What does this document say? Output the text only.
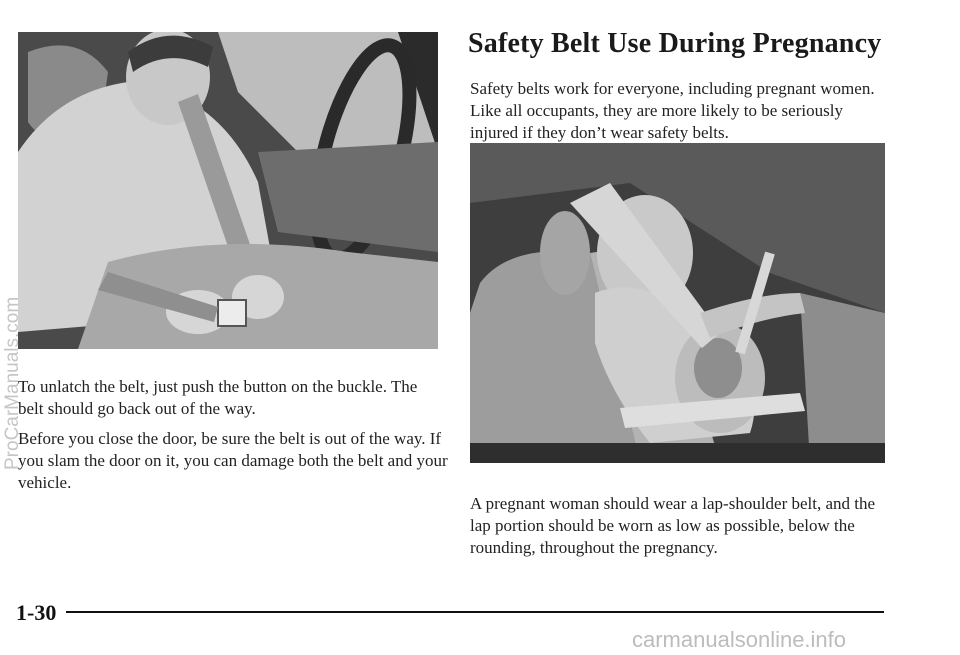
To unlatch the belt, just push the button on the buckle. The belt should go back out of the way.

Before you close the door, be sure the belt is out of the way. If you slam the door on it, you can damage both the belt and your vehicle.

Safety Belt Use During Pregnancy

Safety belts work for everyone, including pregnant women. Like all occupants, they are more likely to be seriously injured if they don’t wear safety belts.

A pregnant woman should wear a lap-shoulder belt, and the lap portion should be worn as low as possible, below the rounding, throughout the pregnancy.

1-30
ProCarManuals.com
carmanualsonline.info
